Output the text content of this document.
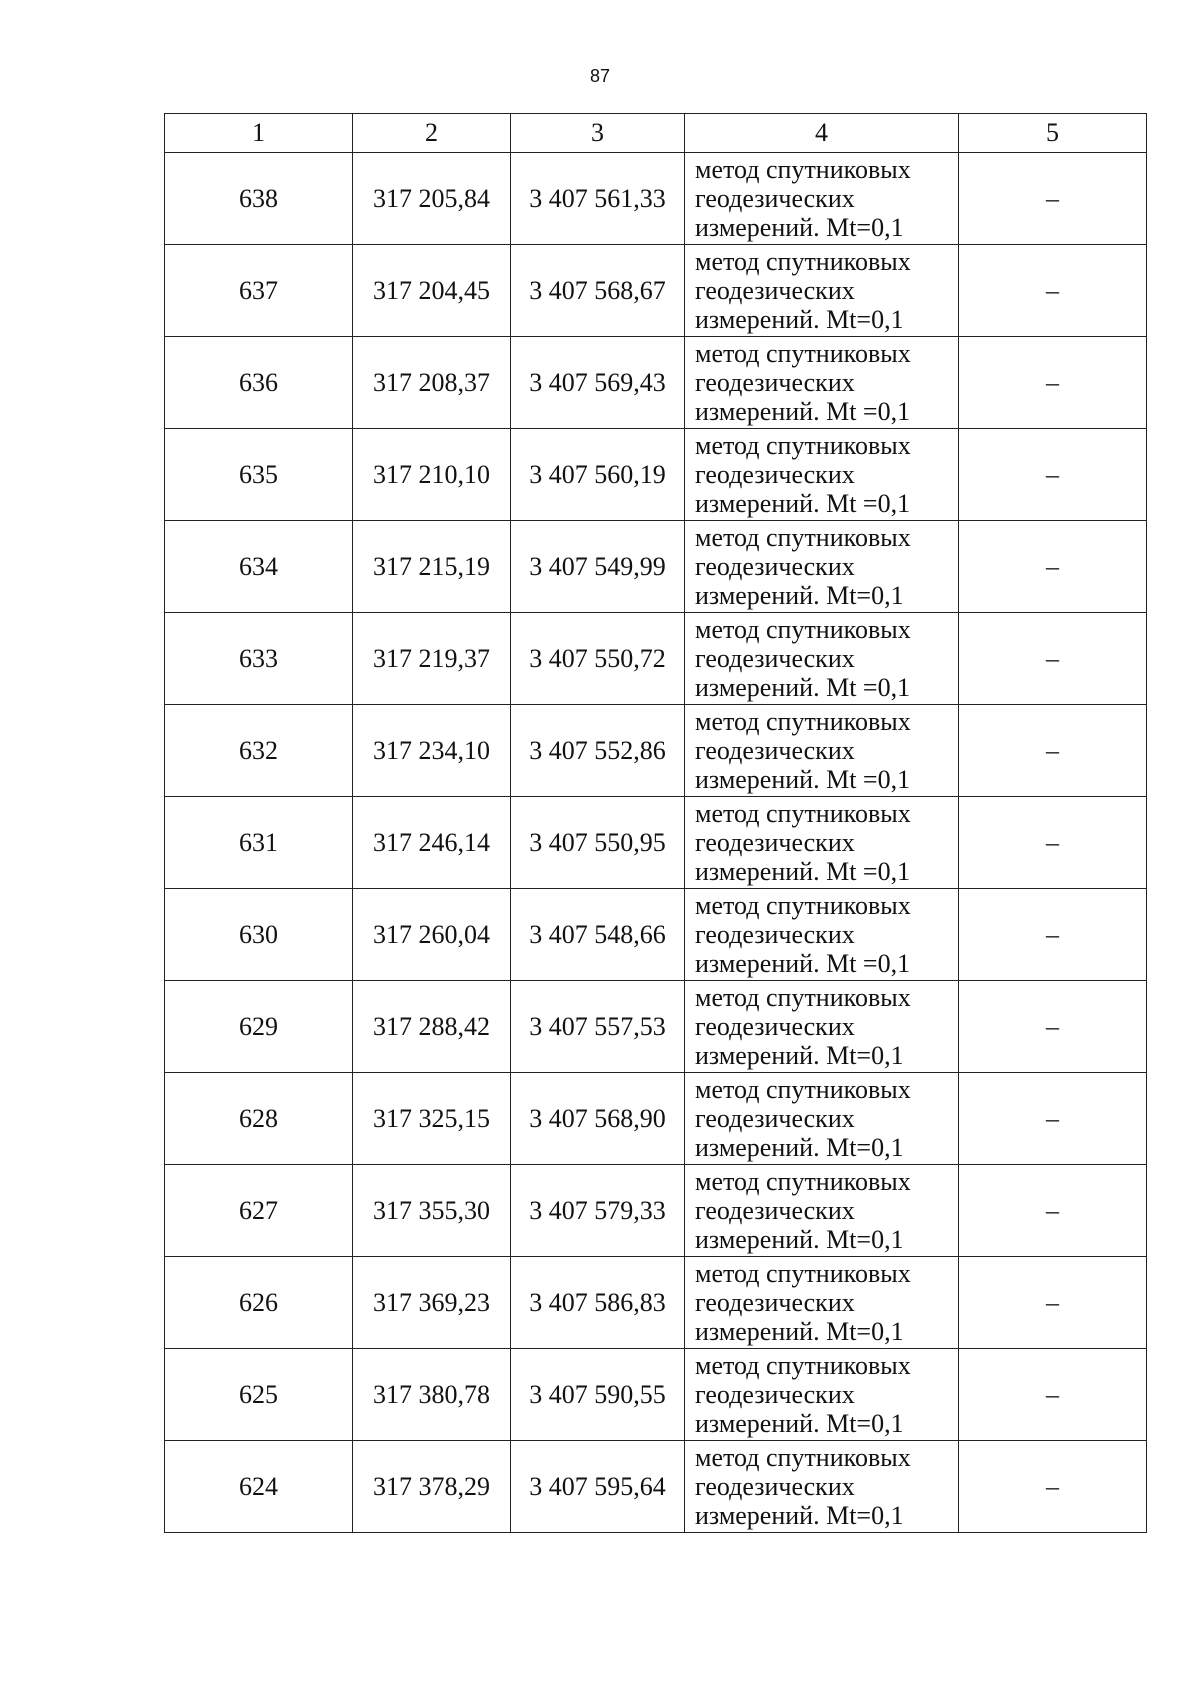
87
1	2	3	4	5
638	317 205,84	3 407 561,33	метод спутниковых
геодезических
измерений. Mt=0,1	–
637	317 204,45	3 407 568,67	метод спутниковых
геодезических
измерений. Mt=0,1	–
636	317 208,37	3 407 569,43	метод спутниковых
геодезических
измерений. Mt =0,1	–
635	317 210,10	3 407 560,19	метод спутниковых
геодезических
измерений. Mt =0,1	–
634	317 215,19	3 407 549,99	метод спутниковых
геодезических
измерений. Mt=0,1	–
633	317 219,37	3 407 550,72	метод спутниковых
геодезических
измерений. Mt =0,1	–
632	317 234,10	3 407 552,86	метод спутниковых
геодезических
измерений. Mt =0,1	–
631	317 246,14	3 407 550,95	метод спутниковых
геодезических
измерений. Mt =0,1	–
630	317 260,04	3 407 548,66	метод спутниковых
геодезических
измерений. Mt =0,1	–
629	317 288,42	3 407 557,53	метод спутниковых
геодезических
измерений. Mt=0,1	–
628	317 325,15	3 407 568,90	метод спутниковых
геодезических
измерений. Mt=0,1	–
627	317 355,30	3 407 579,33	метод спутниковых
геодезических
измерений. Mt=0,1	–
626	317 369,23	3 407 586,83	метод спутниковых
геодезических
измерений. Mt=0,1	–
625	317 380,78	3 407 590,55	метод спутниковых
геодезических
измерений. Mt=0,1	–
624	317 378,29	3 407 595,64	метод спутниковых
геодезических
измерений. Mt=0,1	–
